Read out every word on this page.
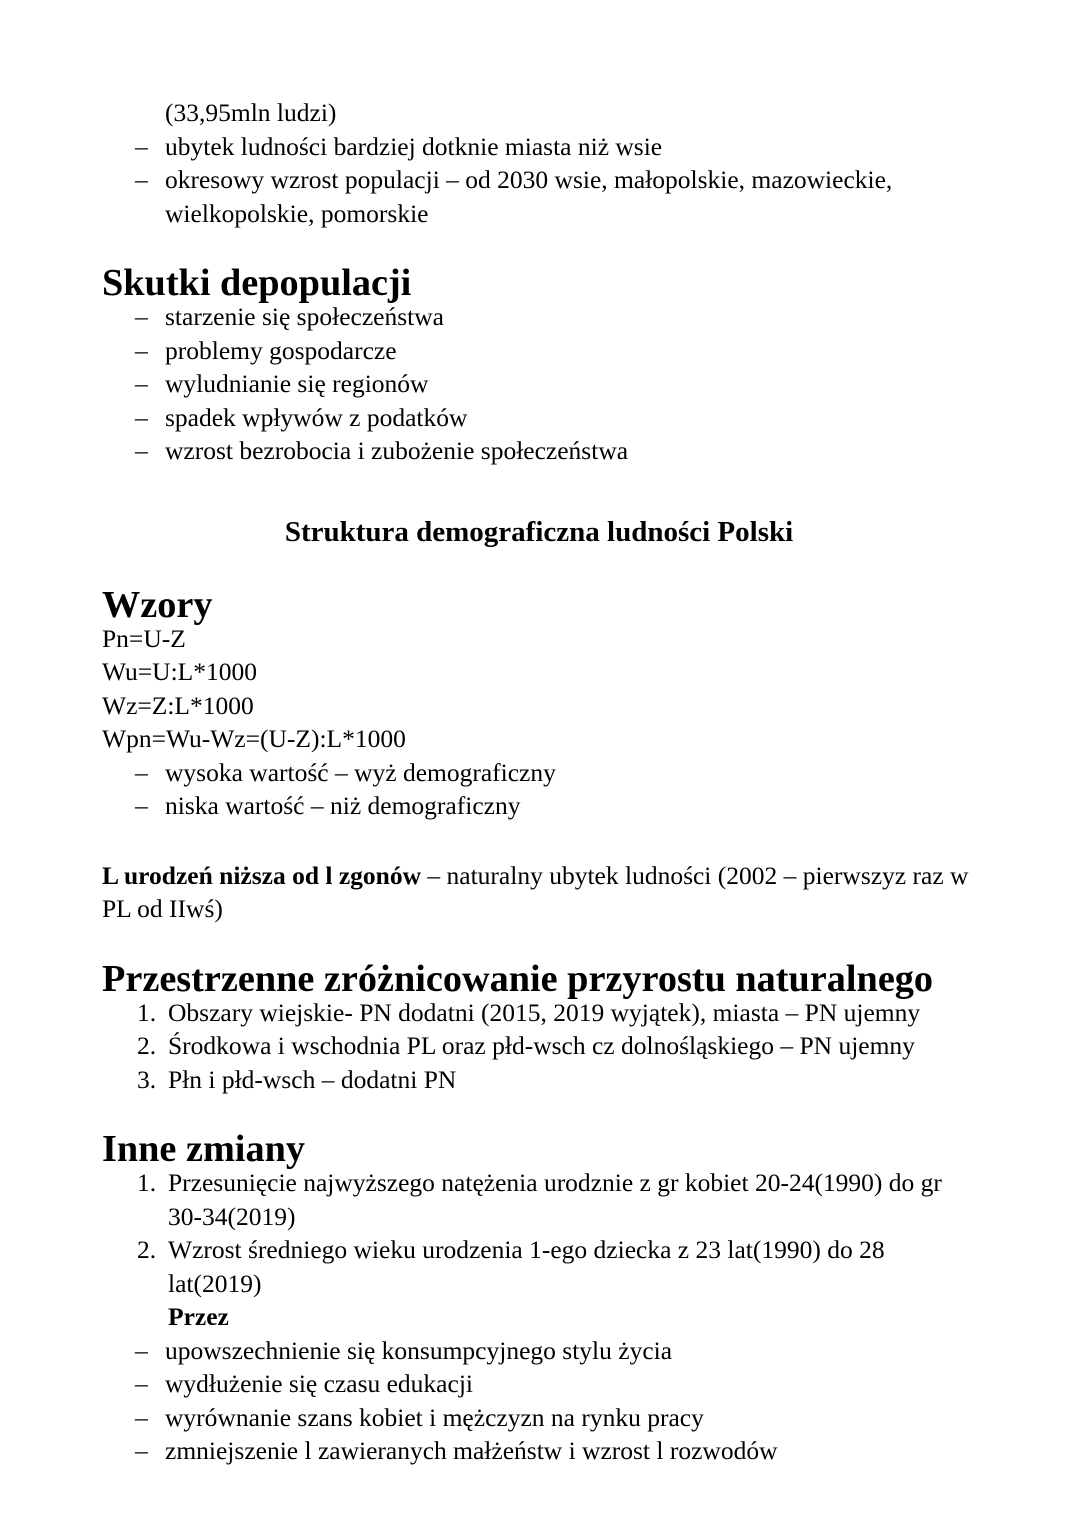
(33,95mln ludzi)

– ubytek ludności bardziej dotknie miasta niż wsie
– okresowy wzrost populacji – od 2030 wsie, małopolskie, mazowieckie, wielkopolskie, pomorskie
Skutki depopulacji
– starzenie się społeczeństwa
– problemy gospodarcze
– wyludnianie się regionów
– spadek wpływów z podatków
– wzrost bezrobocia i zubożenie społeczeństwa
Struktura demograficzna ludności Polski
Wzory

Pn=U-Z

Wu=U:L*1000

Wz=Z:L*1000

Wpn=Wu-Wz=(U-Z):L*1000

– wysoka wartość – wyż demograficzny
– niska wartość – niż demograficzny

L urodzeń niższa od l zgonów – naturalny ubytek ludności (2002 – pierwszyz raz w PL od IIwś)

Przestrzenne zróżnicowanie przyrostu naturalnego
1. Obszary wiejskie- PN dodatni (2015, 2019 wyjątek), miasta – PN ujemny
2. Środkowa i wschodnia PL oraz płd-wsch cz dolnośląskiego – PN ujemny
3. Płn i płd-wsch – dodatni PN
Inne zmiany
1. Przesunięcie najwyższego natężenia urodznie z gr kobiet 20-24(1990) do gr 30-34(2019)
2. Wzrost średniego wieku urodzenia 1-ego dziecka z 23 lat(1990) do 28 lat(2019)

Przez

– upowszechnienie się konsumpcyjnego stylu życia
– wydłużenie się czasu edukacji
– wyrównanie szans kobiet i mężczyzn na rynku pracy
– zmniejszenie l zawieranych małżeństw i wzrost l rozwodów
